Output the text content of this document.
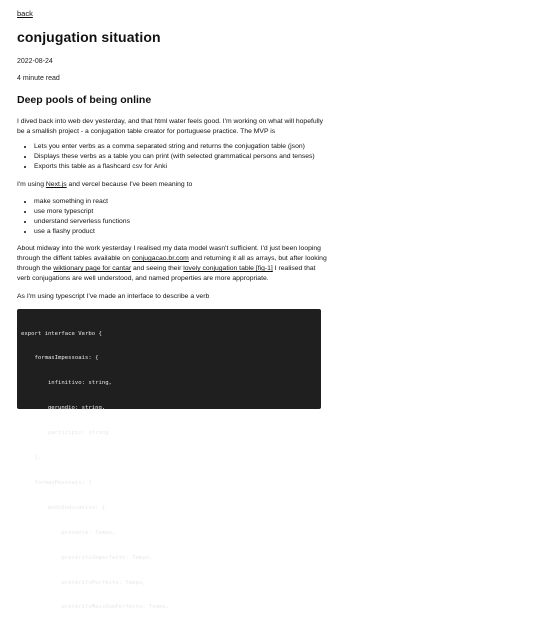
back
conjugation situation
2022-08-24
4 minute read
Deep pools of being online

I dived back into web dev yesterday, and that html water feels good. I'm working on what will hopefully be a smallish project - a conjugation table creator for portuguese practice. The MVP is

• Lets you enter verbs as a comma separated string and returns the conjugation table (json)
• Displays these verbs as a table you can print (with selected grammatical persons and tenses)
• Exports this table as a flashcard csv for Anki

I'm using Next.js and vercel because I've been meaning to

• make something in react
• use more typescript
• understand serverless functions
• use a flashy product

About midway into the work yesterday I realised my data model wasn't sufficient. I'd just been looping through the diffent tables available on conjugacao.br.com and returning it all as arrays, but after looking through the wiktionary page for cantar and seeing their lovely conjugation table [fig-1] I realised that verb conjugations are well understood, and named properties are more appropriate.

As I'm using typescript I've made an interface to describe a verb

export interface Verbo {

formasImpessoais: {

infinitivo: string,

gerundio: string,

participio: string

},

formasPessoais: {

modoIndicativo: {

presente: Tempo,

pretéritoImperfeito: Tempo,

pretéritoPerfeito: Tempo,

pretéritoMaisQuePerfeito: Tempo,
